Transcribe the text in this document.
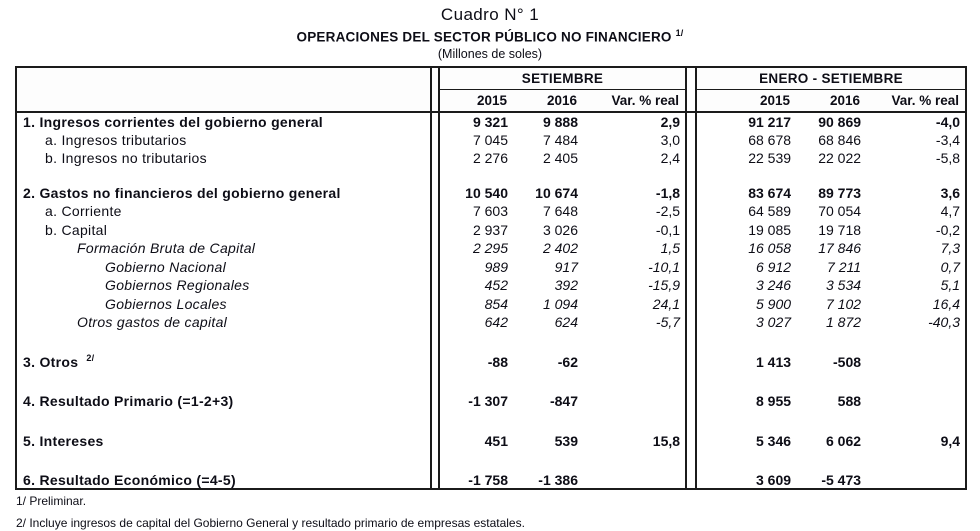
Cuadro N° 1
OPERACIONES DEL SECTOR PÚBLICO NO FINANCIERO $^{1/}$
(Millones de soles)
		SETIEMBRE				ENERO - SETIEMBRE		
		2015	2016	Var. % real		2015	2016	Var. % real
1. Ingresos corrientes del gobierno general		9 321	9 888	2,9		91 217	90 869	-4,0
a. Ingresos tributarios		7 045	7 484	3,0		68 678	68 846	-3,4
b. Ingresos no tributarios		2 276	2 405	2,4		22 539	22 022	-5,8

2. Gastos no financieros del gobierno general		10 540	10 674	-1,8		83 674	89 773	3,6
a. Corriente		7 603	7 648	-2,5		64 589	70 054	4,7
b. Capital		2 937	3 026	-0,1		19 085	19 718	-0,2
Formación Bruta de Capital		2 295	2 402	1,5		16 058	17 846	7,3
Gobierno Nacional		989	917	-10,1		6 912	7 211	0,7
Gobiernos Regionales		452	392	-15,9		3 246	3 534	5,1
Gobiernos Locales		854	1 094	24,1		5 900	7 102	16,4
Otros gastos de capital		642	624	-5,7		3 027	1 872	-40,3

3. Otros $^{2/}$		-88	-62			1 413	-508	

4. Resultado Primario (=1-2+3)		-1 307	-847			8 955	588	

5. Intereses		451	539	15,8		5 346	6 062	9,4

6. Resultado Económico (=4-5)		-1 758	-1 386			3 609	-5 473	
1/ Preliminar.
2/ Incluye ingresos de capital del Gobierno General y resultado primario de empresas estatales.
